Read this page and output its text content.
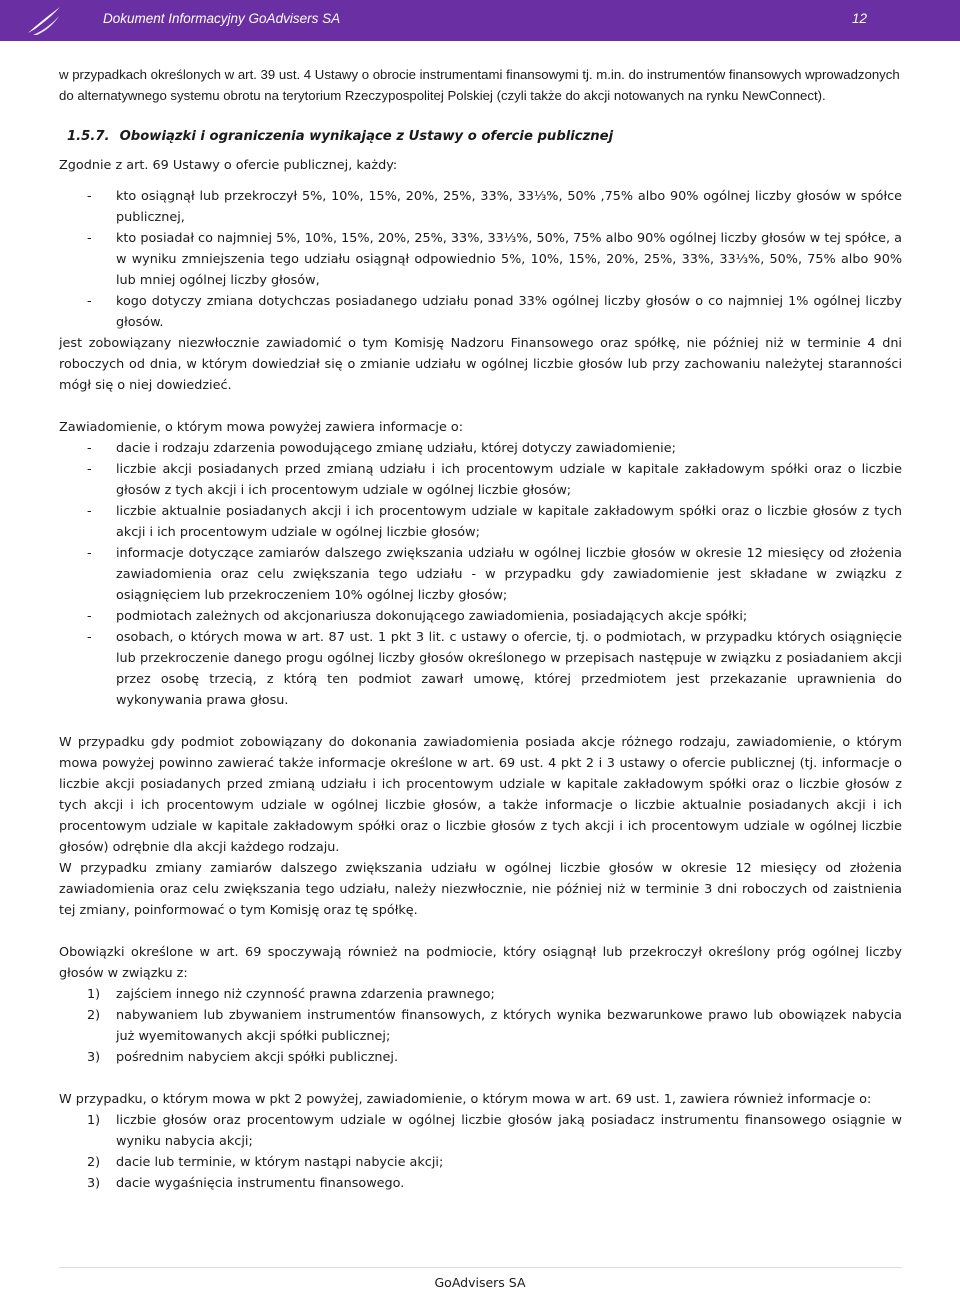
Dokument Informacyjny GoAdvisers SA	12

w przypadkach określonych w art. 39 ust. 4 Ustawy o obrocie instrumentami finansowymi tj. m.in. do instrumentów finansowych wprowadzonych do alternatywnego systemu obrotu na terytorium Rzeczypospolitej Polskiej (czyli także do akcji notowanych na rynku NewConnect).

1.5.7. Obowiązki i ograniczenia wynikające z Ustawy o ofercie publicznej

Zgodnie z art. 69 Ustawy o ofercie publicznej, każdy:

- kto osiągnął lub przekroczył 5%, 10%, 15%, 20%, 25%, 33%, 33⅓%, 50% ,75% albo 90% ogólnej liczby głosów w spółce publicznej,
- kto posiadał co najmniej 5%, 10%, 15%, 20%, 25%, 33%, 33⅓%, 50%, 75% albo 90% ogólnej liczby głosów w tej spółce, a w wyniku zmniejszenia tego udziału osiągnął odpowiednio 5%, 10%, 15%, 20%, 25%, 33%, 33⅓%, 50%, 75% albo 90% lub mniej ogólnej liczby głosów,
- kogo dotyczy zmiana dotychczas posiadanego udziału ponad 33% ogólnej liczby głosów o co najmniej 1% ogólnej liczby głosów.

jest zobowiązany niezwłocznie zawiadomić o tym Komisję Nadzoru Finansowego oraz spółkę, nie później niż w terminie 4 dni roboczych od dnia, w którym dowiedział się o zmianie udziału w ogólnej liczbie głosów lub przy zachowaniu należytej staranności mógł się o niej dowiedzieć.

Zawiadomienie, o którym mowa powyżej zawiera informacje o:

- dacie i rodzaju zdarzenia powodującego zmianę udziału, której dotyczy zawiadomienie;
- liczbie akcji posiadanych przed zmianą udziału i ich procentowym udziale w kapitale zakładowym spółki oraz o liczbie głosów z tych akcji i ich procentowym udziale w ogólnej liczbie głosów;
- liczbie aktualnie posiadanych akcji i ich procentowym udziale w kapitale zakładowym spółki oraz o liczbie głosów z tych akcji i ich procentowym udziale w ogólnej liczbie głosów;
- informacje dotyczące zamiarów dalszego zwiększania udziału w ogólnej liczbie głosów w okresie 12 miesięcy od złożenia zawiadomienia oraz celu zwiększania tego udziału - w przypadku gdy zawiadomienie jest składane w związku z osiągnięciem lub przekroczeniem 10% ogólnej liczby głosów;
- podmiotach zależnych od akcjonariusza dokonującego zawiadomienia, posiadających akcje spółki;
- osobach, o których mowa w art. 87 ust. 1 pkt 3 lit. c ustawy o ofercie, tj. o podmiotach, w przypadku których osiągnięcie lub przekroczenie danego progu ogólnej liczby głosów określonego w przepisach następuje w związku z posiadaniem akcji przez osobę trzecią, z którą ten podmiot zawarł umowę, której przedmiotem jest przekazanie uprawnienia do wykonywania prawa głosu.

W przypadku gdy podmiot zobowiązany do dokonania zawiadomienia posiada akcje różnego rodzaju, zawiadomienie, o którym mowa powyżej powinno zawierać także informacje określone w art. 69 ust. 4 pkt 2 i 3 ustawy o ofercie publicznej (tj. informacje o liczbie akcji posiadanych przed zmianą udziału i ich procentowym udziale w kapitale zakładowym spółki oraz o liczbie głosów z tych akcji i ich procentowym udziale w ogólnej liczbie głosów, a także informacje o liczbie aktualnie posiadanych akcji i ich procentowym udziale w kapitale zakładowym spółki oraz o liczbie głosów z tych akcji i ich procentowym udziale w ogólnej liczbie głosów) odrębnie dla akcji każdego rodzaju.

W przypadku zmiany zamiarów dalszego zwiększania udziału w ogólnej liczbie głosów w okresie 12 miesięcy od złożenia zawiadomienia oraz celu zwiększania tego udziału, należy niezwłocznie, nie później niż w terminie 3 dni roboczych od zaistnienia tej zmiany, poinformować o tym Komisję oraz tę spółkę.

Obowiązki określone w art. 69 spoczywają również na podmiocie, który osiągnął lub przekroczył określony próg ogólnej liczby głosów w związku z:

1) zajściem innego niż czynność prawna zdarzenia prawnego;
2) nabywaniem lub zbywaniem instrumentów finansowych, z których wynika bezwarunkowe prawo lub obowiązek nabycia już wyemitowanych akcji spółki publicznej;
3) pośrednim nabyciem akcji spółki publicznej.

W przypadku, o którym mowa w pkt 2 powyżej, zawiadomienie, o którym mowa w art. 69 ust. 1, zawiera również informacje o:

1) liczbie głosów oraz procentowym udziale w ogólnej liczbie głosów jaką posiadacz instrumentu finansowego osiągnie w wyniku nabycia akcji;
2) dacie lub terminie, w którym nastąpi nabycie akcji;
3) dacie wygaśnięcia instrumentu finansowego.
GoAdvisers SA
